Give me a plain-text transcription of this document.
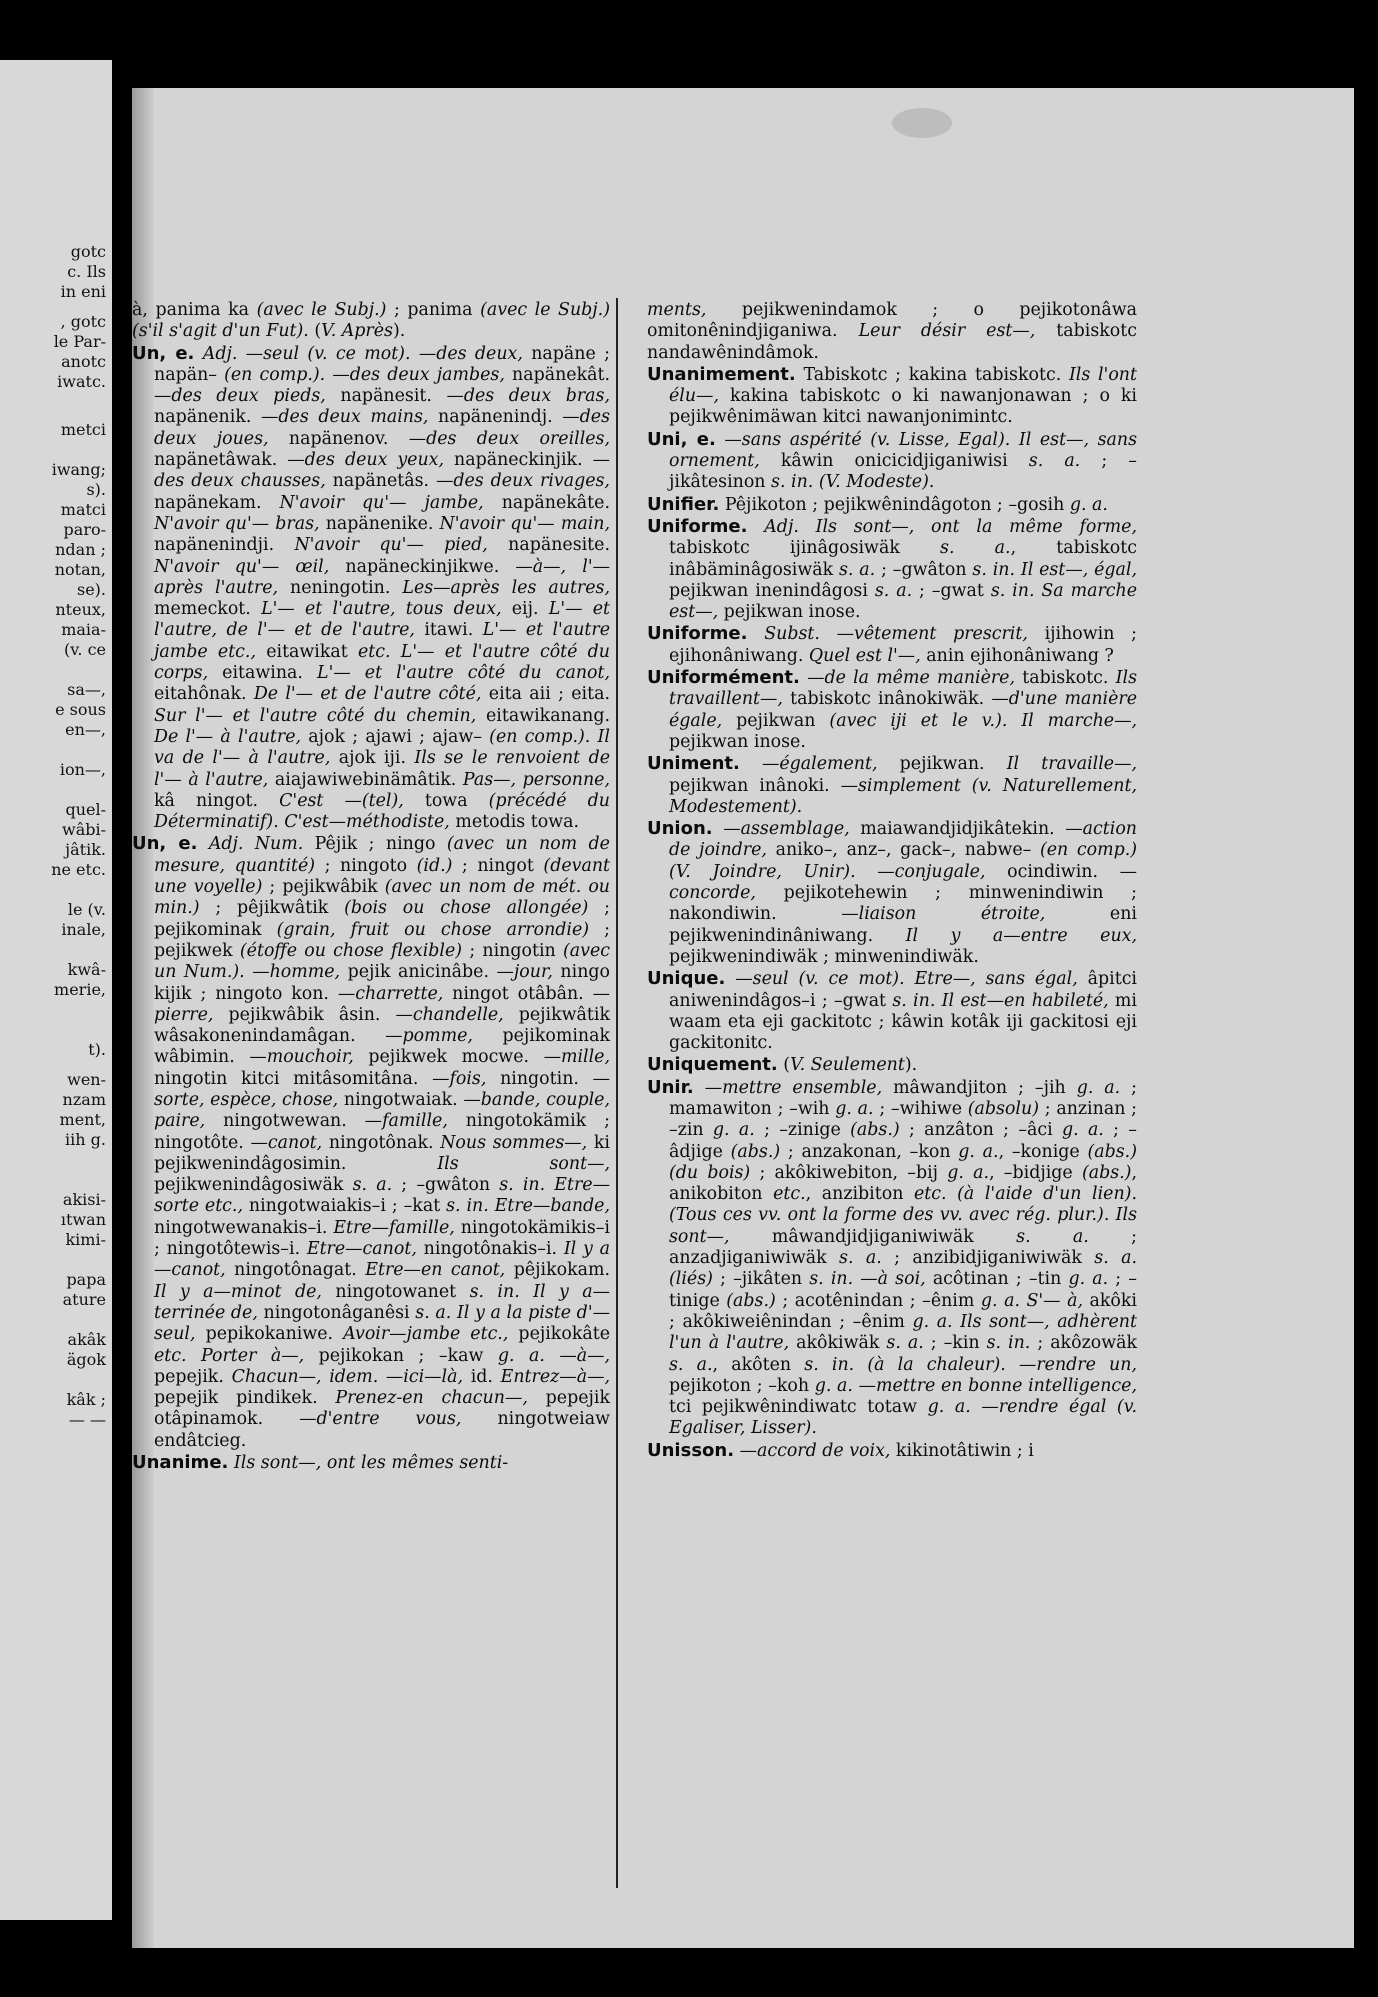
gotc
c. Ils
in eni
, gotc
le Par-
anotc
iwatc.
metci
iwang;
s).
matci
paro-
ndan ;
notan,
se).
nteux,
maia-
(v. ce
sa—,
e sous
en—,
ion—,
quel-
wâbi-
jâtik.
ne etc.
le (v.
inale,
kwâ-
merie,
t).
wen-
nzam
ment,
iih g.
akisi-
ıtwan
kimi-
papa
ature
akâk
ägok
kâk ;
— —

à, panima ka (avec le Subj.) ; panima (avec le Subj.) (s'il s'agit d'un Fut). (V. Après).

Un, e. Adj. —seul (v. ce mot). —des deux, napäne ; napän– (en comp.). —des deux jambes, napänekât. —des deux pieds, napänesit. —des deux bras, napänenik. —des deux mains, napänenindj. —des deux joues, napänenov. —des deux oreilles, napänetâwak. —des deux yeux, napäneckinjik. —des deux chausses, napänetâs. —des deux rivages, napänekam. N'avoir qu'— jambe, napänekâte. N'avoir qu'— bras, napänenike. N'avoir qu'— main, napänenindji. N'avoir qu'— pied, napänesite. N'avoir qu'— œil, napäneckinjikwe. —à—, l'— après l'autre, neningotin. Les—après les autres, memeckot. L'— et l'autre, tous deux, eij. L'— et l'autre, de l'— et de l'autre, itawi. L'— et l'autre jambe etc., eitawikat etc. L'— et l'autre côté du corps, eitawina. L'— et l'autre côté du canot, eitahônak. De l'— et de l'autre côté, eita aii ; eita. Sur l'— et l'autre côté du chemin, eitawikanang. De l'— à l'autre, ajok ; ajawi ; ajaw– (en comp.). Il va de l'— à l'autre, ajok iji. Ils se le renvoient de l'— à l'autre, aiajawiwebinämâtik. Pas—, personne, kâ ningot. C'est —(tel), towa (précédé du Déterminatif). C'est—méthodiste, metodis towa.

Un, e. Adj. Num. Pêjik ; ningo (avec un nom de mesure, quantité) ; ningoto (id.) ; ningot (devant une voyelle) ; pejikwâbik (avec un nom de mét. ou min.) ; pêjikwâtik (bois ou chose allongée) ; pejikominak (grain, fruit ou chose arrondie) ; pejikwek (étoffe ou chose flexible) ; ningotin (avec un Num.). —homme, pejik anicinâbe. —jour, ningo kijik ; ningoto kon. —charrette, ningot otâbân. —pierre, pejikwâbik âsin. —chandelle, pejikwâtik wâsakonenindamâgan. —pomme, pejikominak wâbimin. —mouchoir, pejikwek mocwe. —mille, ningotin kitci mitâsomitâna. —fois, ningotin. —sorte, espèce, chose, ningotwaiak. —bande, couple, paire, ningotwewan. —famille, ningotokämik ; ningotôte. —canot, ningotônak. Nous sommes—, ki pejikwenindâgosimin. Ils sont—, pejikwenindâgosiwäk s. a. ; –gwâton s. in. Etre—sorte etc., ningotwaiakis–i ; –kat s. in. Etre—bande, ningotwewanakis–i. Etre—famille, ningotokämikis–i ; ningotôtewis–i. Etre—canot, ningotônakis–i. Il y a—canot, ningotônagat. Etre—en canot, pêjikokam. Il y a—minot de, ningotowanet s. in. Il y a—terrinée de, ningotonâganêsi s. a. Il y a la piste d'— seul, pepikokaniwe. Avoir—jambe etc., pejikokâte etc. Porter à—, pejikokan ; –kaw g. a. —à—, pepejik. Chacun—, idem. —ici—là, id. Entrez—à—, pepejik pindikek. Prenez-en chacun—, pepejik otâpinamok. —d'entre vous, ningotweiaw endâtcieg.

Unanime. Ils sont—, ont les mêmes senti-

ments, pejikwenindamok ; o pejikotonâwa omitonênindjiganiwa. Leur désir est—, tabiskotc nandawênindâmok.

Unanimement. Tabiskotc ; kakina tabiskotc. Ils l'ont élu—, kakina tabiskotc o ki nawanjonawan ; o ki pejikwênimäwan kitci nawanjonimintc.

Uni, e. —sans aspérité (v. Lisse, Egal). Il est—, sans ornement, kâwin onicicidjiganiwisi s. a. ; –jikâtesinon s. in. (V. Modeste).

Unifier. Pêjikoton ; pejikwênindâgoton ; –gosih g. a.

Uniforme. Adj. Ils sont—, ont la même forme, tabiskotc ijinâgosiwäk s. a., tabiskotc inâbäminâgosiwäk s. a. ; –gwâton s. in. Il est—, égal, pejikwan inenindâgosi s. a. ; –gwat s. in. Sa marche est—, pejikwan inose.

Uniforme. Subst. —vêtement prescrit, ijihowin ; ejihonâniwang. Quel est l'—, anin ejihonâniwang ?

Uniformément. —de la même manière, tabiskotc. Ils travaillent—, tabiskotc inânokiwäk. —d'une manière égale, pejikwan (avec iji et le v.). Il marche—, pejikwan inose.

Uniment. —également, pejikwan. Il travaille—, pejikwan inânoki. —simplement (v. Naturellement, Modestement).

Union. —assemblage, maiawandjidjikâtekin. —action de joindre, aniko–, anz–, gack–, nabwe– (en comp.) (V. Joindre, Unir). —conjugale, ocindiwin. —concorde, pejikotehewin ; minwenindiwin ; nakondiwin. —liaison étroite, eni pejikwenindinâniwang. Il y a—entre eux, pejikwenindiwäk ; minwenindiwäk.

Unique. —seul (v. ce mot). Etre—, sans égal, âpitci aniwenindâgos–i ; –gwat s. in. Il est—en habileté, mi waam eta eji gackitotc ; kâwin kotâk iji gackitosi eji gackitonitc.

Uniquement. (V. Seulement).

Unir. —mettre ensemble, mâwandjiton ; –jih g. a. ; mamawiton ; –wih g. a. ; –wihiwe (absolu) ; anzinan ; –zin g. a. ; –zinige (abs.) ; anzâton ; –âci g. a. ; –âdjige (abs.) ; anzakonan, –kon g. a., –konige (abs.) (du bois) ; akôkiwebiton, –bij g. a., –bidjige (abs.), anikobiton etc., anzibiton etc. (à l'aide d'un lien). (Tous ces vv. ont la forme des vv. avec rég. plur.). Ils sont—, mâwandjidjiganiwiwäk s. a. ; anzadjiganiwiwäk s. a. ; anzibidjiganiwiwäk s. a. (liés) ; –jikâten s. in. —à soi, acôtinan ; –tin g. a. ; –tinige (abs.) ; acotênindan ; –ênim g. a. S'— à, akôki ; akôkiweiênindan ; –ênim g. a. Ils sont—, adhèrent l'un à l'autre, akôkiwäk s. a. ; –kin s. in. ; akôzowäk s. a., akôten s. in. (à la chaleur). —rendre un, pejikoton ; –koh g. a. —mettre en bonne intelligence, tci pejikwênindiwatc totaw g. a. —rendre égal (v. Egaliser, Lisser).

Unisson. —accord de voix, kikinotâtiwin ; i
